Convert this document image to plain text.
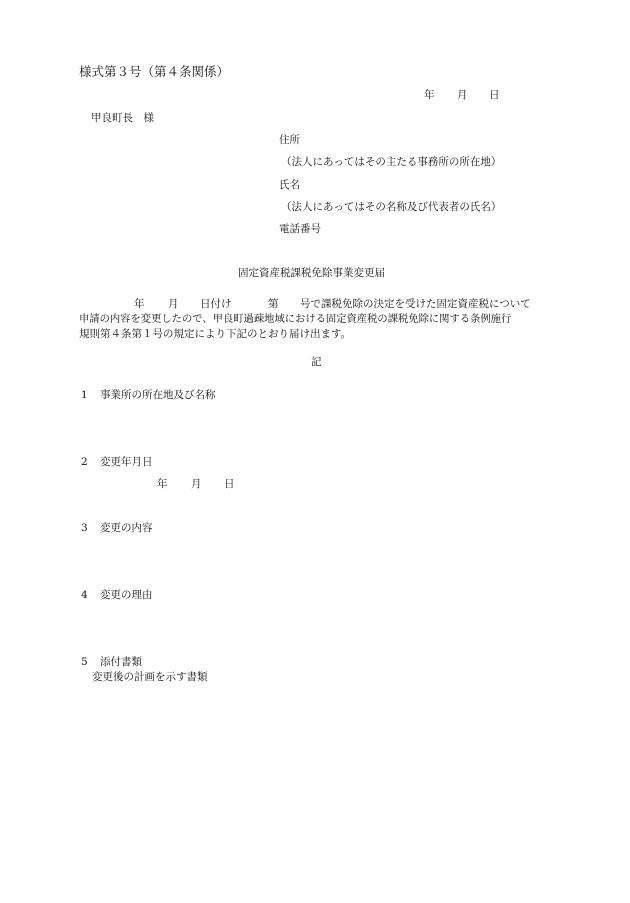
様式第３号（第４条関係）
年 月 日
甲良町長　様
住所
（法人にあってはその主たる事務所の所在地）
氏名
（法人にあってはその名称及び代表者の氏名）
電話番号
固定資産税課税免除事業変更届
年 月 日付け	第 号で課税免除の決定を受けた固定資産税について
申請の内容を変更したので、甲良町過疎地域における固定資産税の課税免除に関する条例施行
規則第４条第１号の規定により下記のとおり届け出ます。
記
1 事業所の所在地及び名称
2 変更年月日
年 月 日
3 変更の内容
4 変更の理由
5 添付書類
変更後の計画を示す書類
